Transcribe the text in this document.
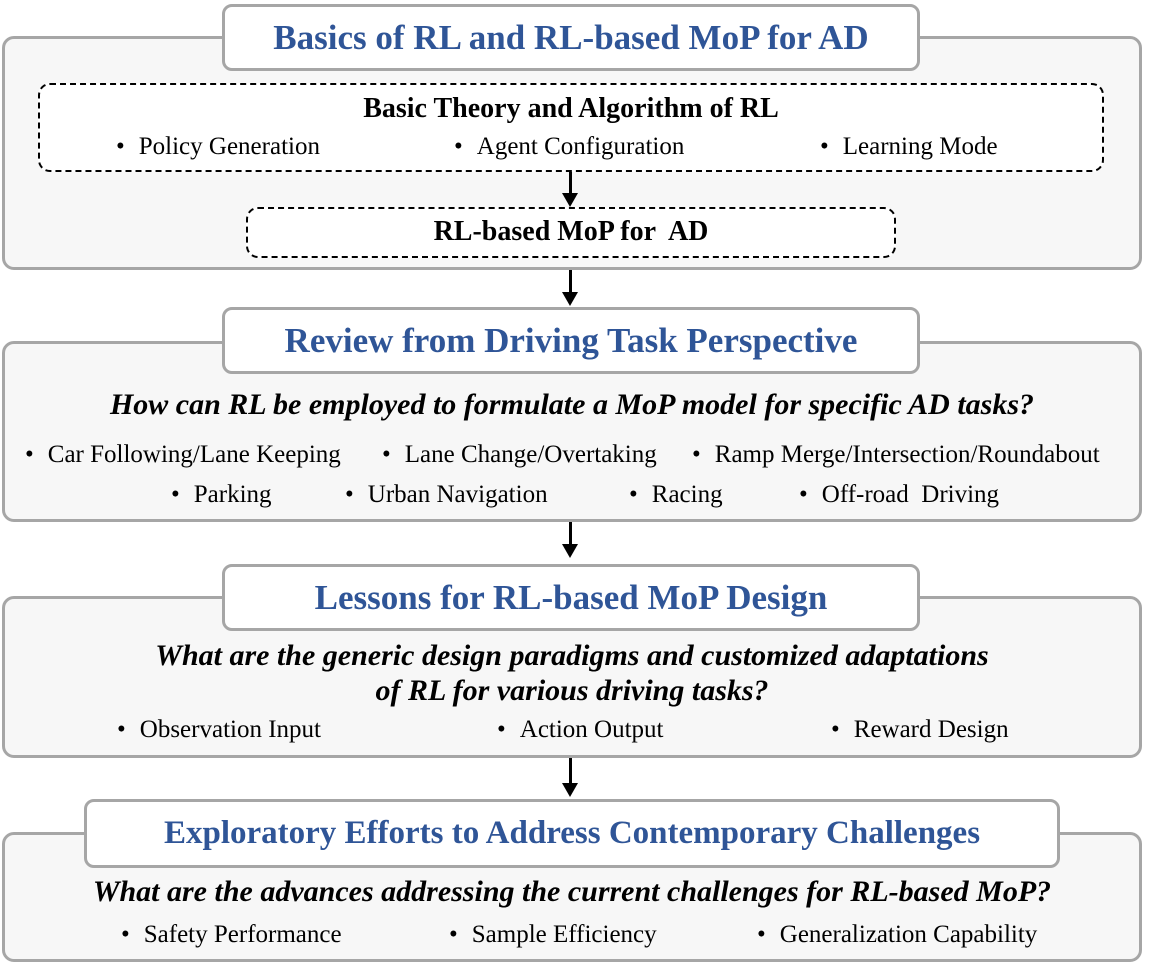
Basic Theory and Algorithm of RL
• Policy Generation	• Agent Configuration	• Learning Mode
RL-based MoP for  AD
Basics of RL and RL-based MoP for AD
How can RL be employed to formulate a MoP model for specific AD tasks?
• Car Following/Lane Keeping	• Lane Change/Overtaking	• Ramp Merge/Intersection/Roundabout
• Parking	• Urban Navigation	• Racing	• Off-road  Driving
Review from Driving Task Perspective
What are the generic design paradigms and customized adaptations
of RL for various driving tasks?
• Observation Input	• Action Output	• Reward Design
Lessons for RL-based MoP Design
What are the advances addressing the current challenges for RL-based MoP?
• Safety Performance	• Sample Efficiency	• Generalization Capability
Exploratory Efforts to Address Contemporary Challenges
